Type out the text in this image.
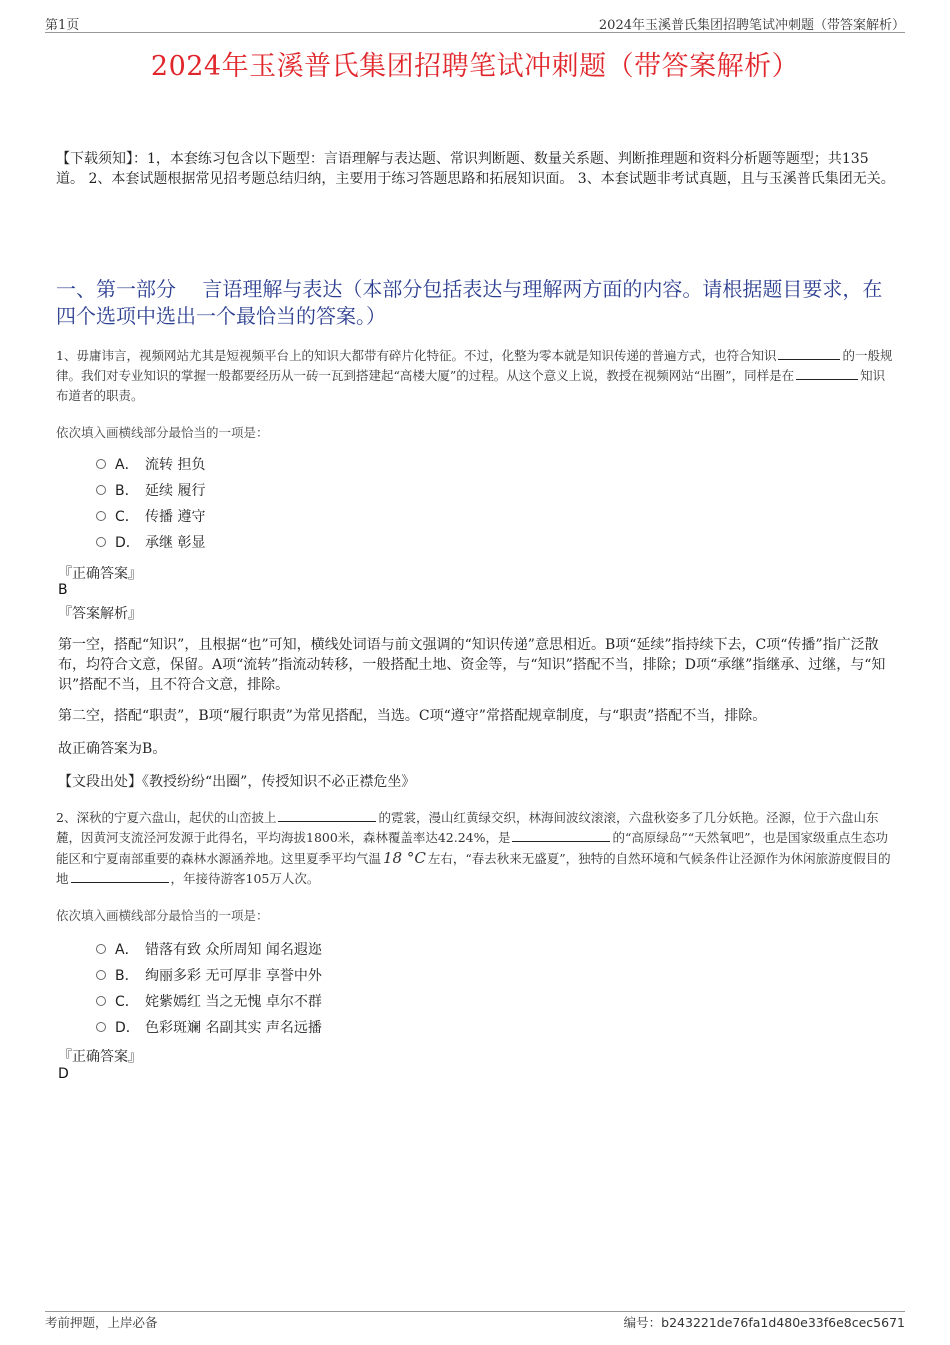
第1页	2024年玉溪普氏集团招聘笔试冲刺题（带答案解析）
2024年玉溪普氏集团招聘笔试冲刺题（带答案解析）
【下载须知】：1，本套练习包含以下题型：言语理解与表达题、常识判断题、数量关系题、判断推理题和资料分析题等题型；共135道。 2、本套试题根据常见招考题总结归纳，主要用于练习答题思路和拓展知识面。 3、本套试题非考试真题，且与玉溪普氏集团无关。
一、第一部分　 言语理解与表达（本部分包括表达与理解两方面的内容。请根据题目要求，在四个选项中选出一个最恰当的答案。）
1、毋庸讳言，视频网站尤其是短视频平台上的知识大都带有碎片化特征。不过，化整为零本就是知识传递的普遍方式，也符合知识	的一般规律。我们对专业知识的掌握一般都要经历从一砖一瓦到搭建起“高楼大厦”的过程。从这个意义上说，教授在视频网站“出圈”，同样是在	知识布道者的职责。
依次填入画横线部分最恰当的一项是：
A． 流转 担负
B． 延续 履行
C． 传播 遵守
D． 承继 彰显
『正确答案』
B
『答案解析』
第一空，搭配“知识”，且根据“也”可知，横线处词语与前文强调的“知识传递”意思相近。B项“延续”指持续下去，C项“传播”指广泛散布，均符合文意，保留。A项“流转”指流动转移，一般搭配土地、资金等，与“知识”搭配不当，排除；D项“承继”指继承、过继，与“知识”搭配不当，且不符合文意，排除。
第二空，搭配“职责”，B项“履行职责”为常见搭配，当选。C项“遵守”常搭配规章制度，与“职责”搭配不当，排除。
故正确答案为B。
【文段出处】《教授纷纷“出圈”，传授知识不必正襟危坐》
2、深秋的宁夏六盘山，起伏的山峦披上	的霓裳，漫山红黄绿交织，林海间波纹滚滚，六盘秋姿多了几分妖艳。泾源，位于六盘山东麓，因黄河支流泾河发源于此得名，平均海拔1800米，森林覆盖率达42.24%，是	的“高原绿岛”“天然氧吧”，也是国家级重点生态功能区和宁夏南部重要的森林水源涵养地。这里夏季平均气温 18 °C 左右，“春去秋来无盛夏”，独特的自然环境和气候条件让泾源作为休闲旅游度假目的地	，年接待游客105万人次。
依次填入画横线部分最恰当的一项是：
A． 错落有致 众所周知 闻名遐迩
B． 绚丽多彩 无可厚非 享誉中外
C． 姹紫嫣红 当之无愧 卓尔不群
D． 色彩斑斓 名副其实 声名远播
『正确答案』
D
考前押题，上岸必备	编号：b243221de76fa1d480e33f6e8cec5671
